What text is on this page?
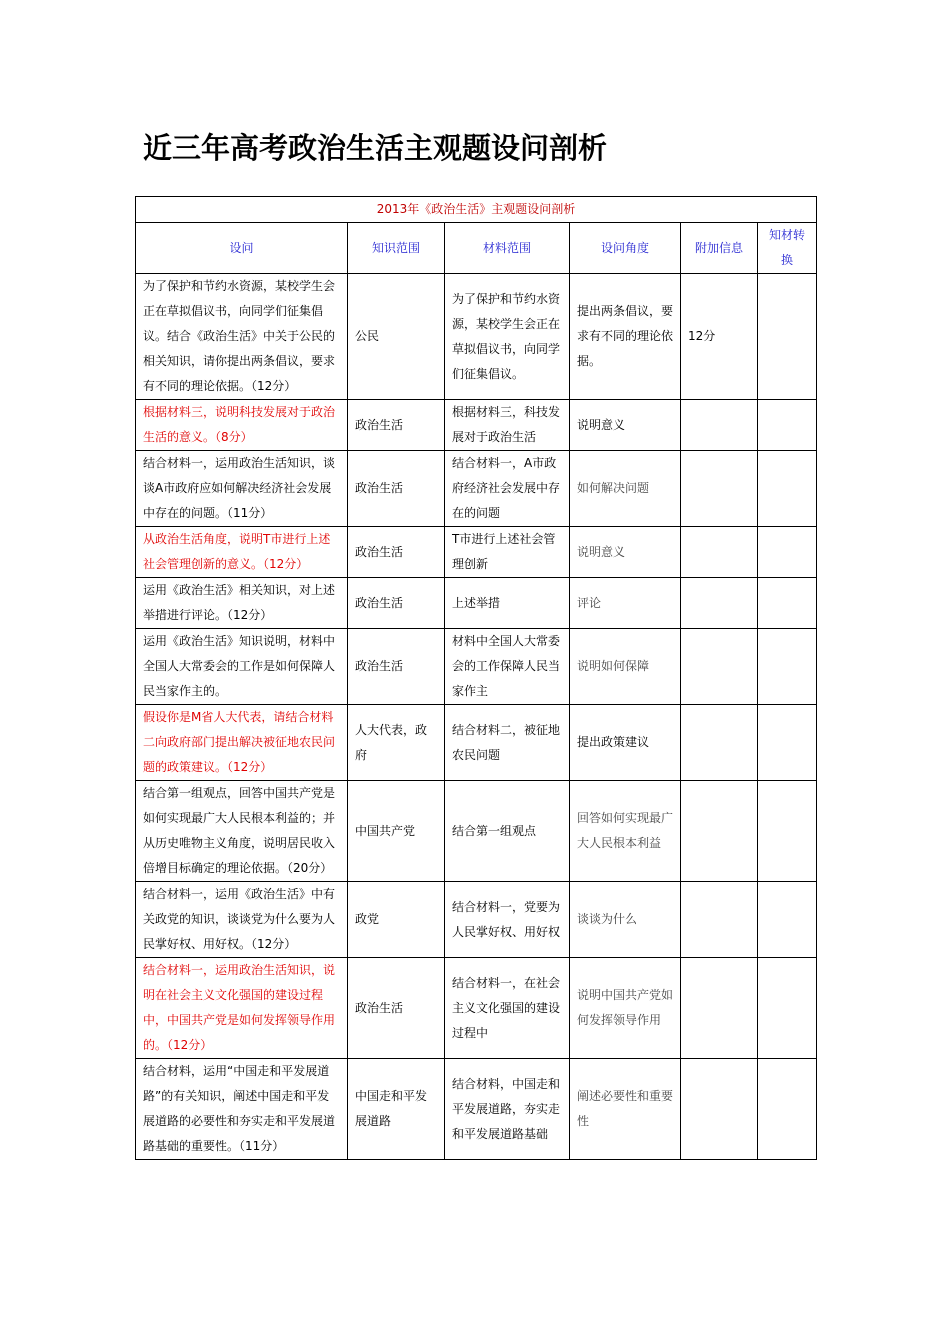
近三年高考政治生活主观题设问剖析
2013年《政治生活》主观题设问剖析					
设问	知识范围	材料范围	设问角度	附加信息	知材转换
为了保护和节约水资源，某校学生会正在草拟倡议书，向同学们征集倡议。结合《政治生活》中关于公民的相关知识，请你提出两条倡议，要求有不同的理论依据。（12分）	公民	为了保护和节约水资源，某校学生会正在草拟倡议书，向同学们征集倡议。	提出两条倡议，要求有不同的理论依据。	12分	
根据材料三，说明科技发展对于政治生活的意义。（8分）	政治生活	根据材料三，科技发展对于政治生活	说明意义		
结合材料一，运用政治生活知识，谈谈A市政府应如何解决经济社会发展中存在的问题。（11分）	政治生活	结合材料一，A市政府经济社会发展中存在的问题	如何解决问题		
从政治生活角度，说明T市进行上述社会管理创新的意义。（12分）	政治生活	T市进行上述社会管理创新	说明意义		
运用《政治生活》相关知识，对上述举措进行评论。（12分）	政治生活	上述举措	评论		
运用《政治生活》知识说明，材料中全国人大常委会的工作是如何保障人民当家作主的。	政治生活	材料中全国人大常委会的工作保障人民当家作主	说明如何保障		
假设你是M省人大代表，请结合材料二向政府部门提出解决被征地农民问题的政策建议。（12分）	人大代表，政府	结合材料二，被征地农民问题	提出政策建议		
结合第一组观点，回答中国共产党是如何实现最广大人民根本利益的；并从历史唯物主义角度，说明居民收入倍增目标确定的理论依据。（20分）	中国共产党	结合第一组观点	回答如何实现最广大人民根本利益		
结合材料一，运用《政治生活》中有关政党的知识，谈谈党为什么要为人民掌好权、用好权。（12分）	政党	结合材料一，党要为人民掌好权、用好权	谈谈为什么		
结合材料一，运用政治生活知识，说明在社会主义文化强国的建设过程中，中国共产党是如何发挥领导作用的。（12分）	政治生活	结合材料一，在社会主义文化强国的建设过程中	说明中国共产党如何发挥领导作用		
结合材料，运用“中国走和平发展道路”的有关知识，阐述中国走和平发展道路的必要性和夯实走和平发展道路基础的重要性。（11分）	中国走和平发展道路	结合材料，中国走和平发展道路，夯实走和平发展道路基础	阐述必要性和重要性		
